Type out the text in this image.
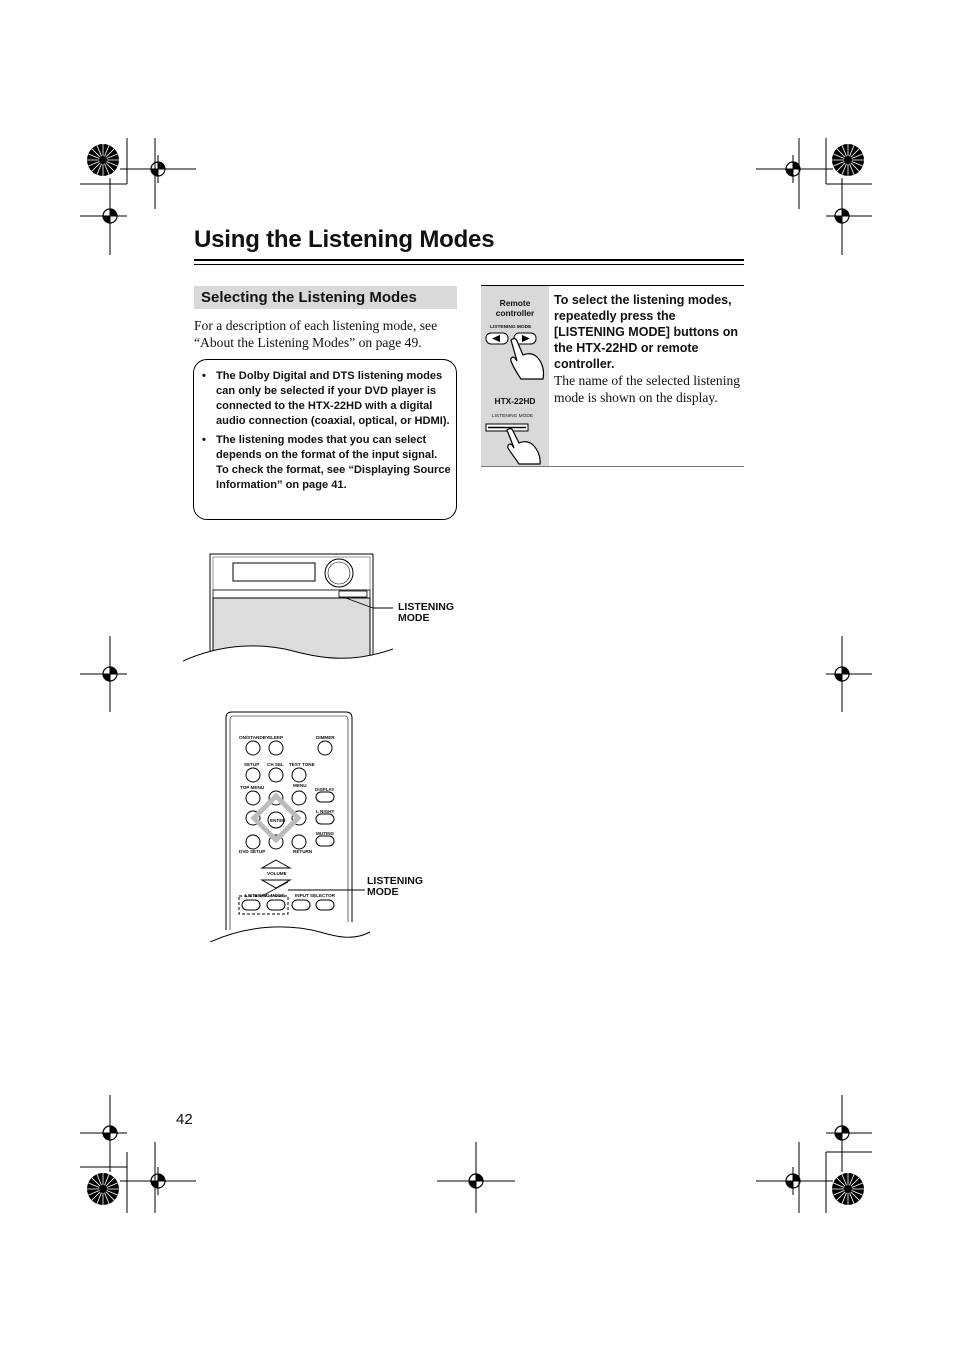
Using the Listening Modes
Selecting the Listening Modes
For a description of each listening mode, see “About the Listening Modes” on page 49.
• The Dolby Digital and DTS listening modes can only be selected if your DVD player is connected to the HTX-22HD with a digital audio connection (coaxial, optical, or HDMI).
• The listening modes that you can select depends on the format of the input signal. To check the format, see “Displaying Source Information” on page 41.
Remote controller
LISTENING MODE
HTX-22HD
LISTENING MODE
To select the listening modes, repeatedly press the [LISTENING MODE] buttons on the HTX-22HD or remote controller.
The name of the selected listening mode is shown on the display.
LISTENING MODE
ON/STANDBY
SLEEP	DIMMER
SETUP CH SEL TEST TONE
TOP MENU	MENU
DISPLAY
L NIGHT
ENTER
MUTING
DVD SETUP	RETURN
VOLUME
LISTENING MODE INPUT SELECTOR
LISTENING MODE
42
